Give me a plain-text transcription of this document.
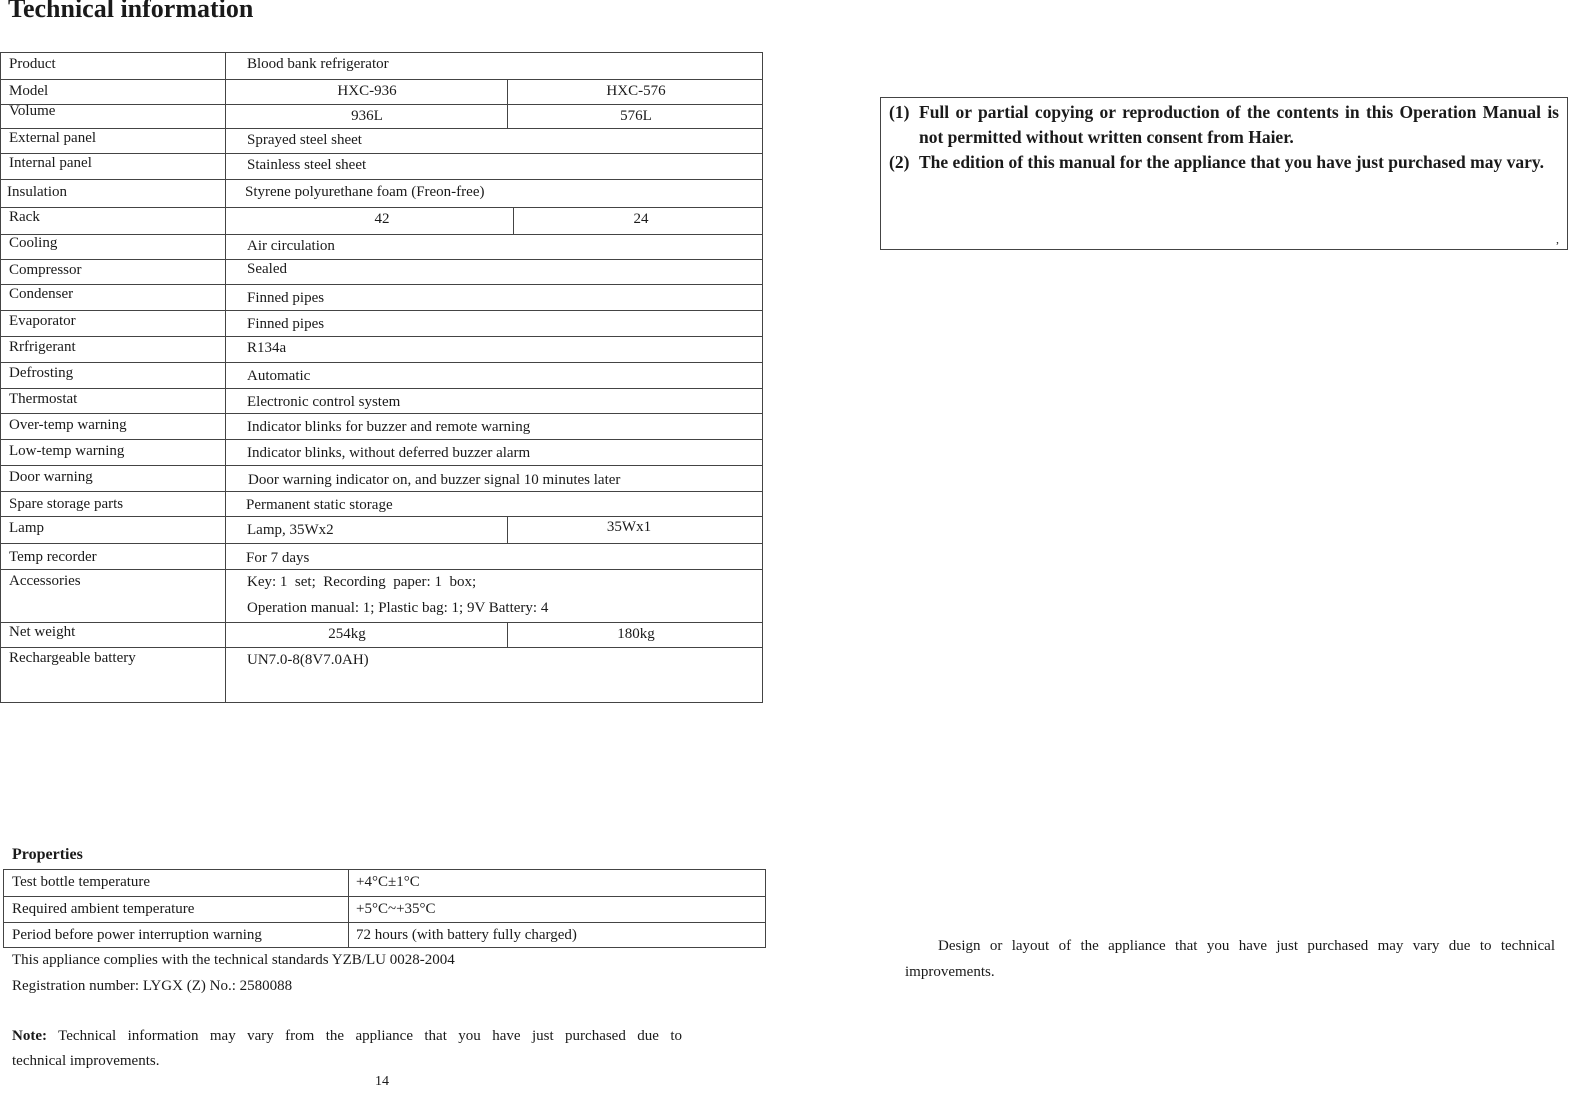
Technical information
Product	Blood bank refrigerator
Model	HXC-936	HXC-576
Volume	936L	576L
External panel	Sprayed steel sheet
Internal panel	Stainless steel sheet
Insulation	Styrene polyurethane foam (Freon-free)
Rack	42	24
Cooling	Air circulation
Compressor	Sealed
Condenser	Finned pipes
Evaporator	Finned pipes
Rrfrigerant	R134a
Defrosting	Automatic
Thermostat	Electronic control system
Over-temp warning	Indicator blinks for buzzer and remote warning
Low-temp warning	Indicator blinks, without deferred buzzer alarm
Door warning	Door warning indicator on, and buzzer signal 10 minutes later
Spare storage parts	Permanent static storage
Lamp	Lamp, 35Wx2	35Wx1
Temp recorder	For 7 days
Accessories	Key: 1  set;  Recording  paper: 1  box;
Operation manual: 1; Plastic bag: 1; 9V Battery: 4
Net weight	254kg	180kg
Rechargeable battery	UN7.0-8(8V7.0AH)
Properties
Test bottle temperature	+4°C±1°C
Required ambient temperature	+5°C~+35°C
Period before power interruption warning	72 hours (with battery fully charged)
This appliance complies with the technical standards YZB/LU 0028-2004
Registration number: LYGX (Z) No.: 2580088
Note: Technical information may vary from the appliance that you have just purchased due to
technical improvements.
14
(1) Full or partial copying or reproduction of the contents in this Operation Manual is not permitted without written consent from Haier.
(2) The edition of this manual for the appliance that you have just purchased may vary.
,
Design or layout of the appliance that you have just purchased may vary due to technical
improvements.
